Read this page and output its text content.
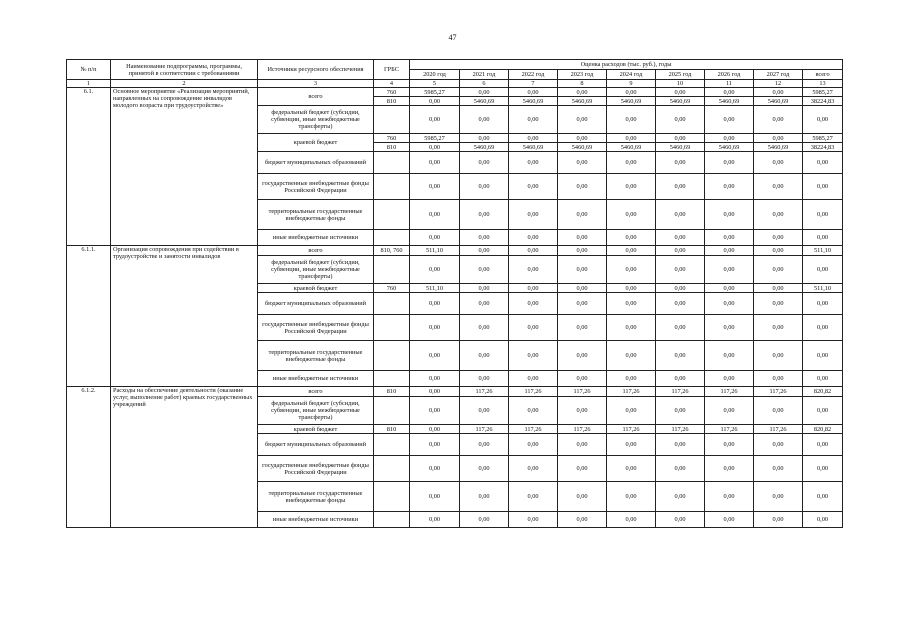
47
№ п/п	Наименование подпрограммы, программы, принятой в соответствии с требованиями	Источники ресурсного обеспечения	ГРБС	Оценка расходов (тыс. руб.), годы								
				2020 год	2021 год	2022 год	2023 год	2024 год	2025 год	2026 год	2027 год	всего
1	2	3	4	5	6	7	8	9	10	11	12	13
6.1.	Основное мероприятие «Реализация мероприятий, направленных на сопровождение инвалидов молодого возраста при трудоустройстве»	всего	760	5985,27	0,00	0,00	0,00	0,00	0,00	0,00	0,00	5985,27
			810	0,00	5460,69	5460,69	5460,69	5460,69	5460,69	5460,69	5460,69	38224,83
		федеральный бюджет (субсидии, субвенции, иные межбюджетные трансферты)		0,00	0,00	0,00	0,00	0,00	0,00	0,00	0,00	0,00
		краевой бюджет	760	5985,27	0,00	0,00	0,00	0,00	0,00	0,00	0,00	5985,27
			810	0,00	5460,69	5460,69	5460,69	5460,69	5460,69	5460,69	5460,69	38224,83
		бюджет муниципальных образований		0,00	0,00	0,00	0,00	0,00	0,00	0,00	0,00	0,00
		государственные внебюджетные фонды Российской Федерации		0,00	0,00	0,00	0,00	0,00	0,00	0,00	0,00	0,00
		территориальные государственные внебюджетные фонды		0,00	0,00	0,00	0,00	0,00	0,00	0,00	0,00	0,00
		иные внебюджетные источники		0,00	0,00	0,00	0,00	0,00	0,00	0,00	0,00	0,00
6.1.1.	Организация сопровождения при содействии в трудоустройстве и занятости инвалидов	всего	810, 760	511,10	0,00	0,00	0,00	0,00	0,00	0,00	0,00	511,10
		федеральный бюджет (субсидии, субвенции, иные межбюджетные трансферты)		0,00	0,00	0,00	0,00	0,00	0,00	0,00	0,00	0,00
		краевой бюджет	760	511,10	0,00	0,00	0,00	0,00	0,00	0,00	0,00	511,10
		бюджет муниципальных образований		0,00	0,00	0,00	0,00	0,00	0,00	0,00	0,00	0,00
		государственные внебюджетные фонды Российской Федерации		0,00	0,00	0,00	0,00	0,00	0,00	0,00	0,00	0,00
		территориальные государственные внебюджетные фонды		0,00	0,00	0,00	0,00	0,00	0,00	0,00	0,00	0,00
		иные внебюджетные источники		0,00	0,00	0,00	0,00	0,00	0,00	0,00	0,00	0,00
6.1.2.	Расходы на обеспечение деятельности (оказание услуг, выполнение работ) краевых государственных учреждений	всего	810	0,00	117,26	117,26	117,26	117,26	117,26	117,26	117,26	820,82
		федеральный бюджет (субсидии, субвенции, иные межбюджетные трансферты)		0,00	0,00	0,00	0,00	0,00	0,00	0,00	0,00	0,00
		краевой бюджет	810	0,00	117,26	117,26	117,26	117,26	117,26	117,26	117,26	820,82
		бюджет муниципальных образований		0,00	0,00	0,00	0,00	0,00	0,00	0,00	0,00	0,00
		государственные внебюджетные фонды Российской Федерации		0,00	0,00	0,00	0,00	0,00	0,00	0,00	0,00	0,00
		территориальные государственные внебюджетные фонды		0,00	0,00	0,00	0,00	0,00	0,00	0,00	0,00	0,00
		иные внебюджетные источники		0,00	0,00	0,00	0,00	0,00	0,00	0,00	0,00	0,00
